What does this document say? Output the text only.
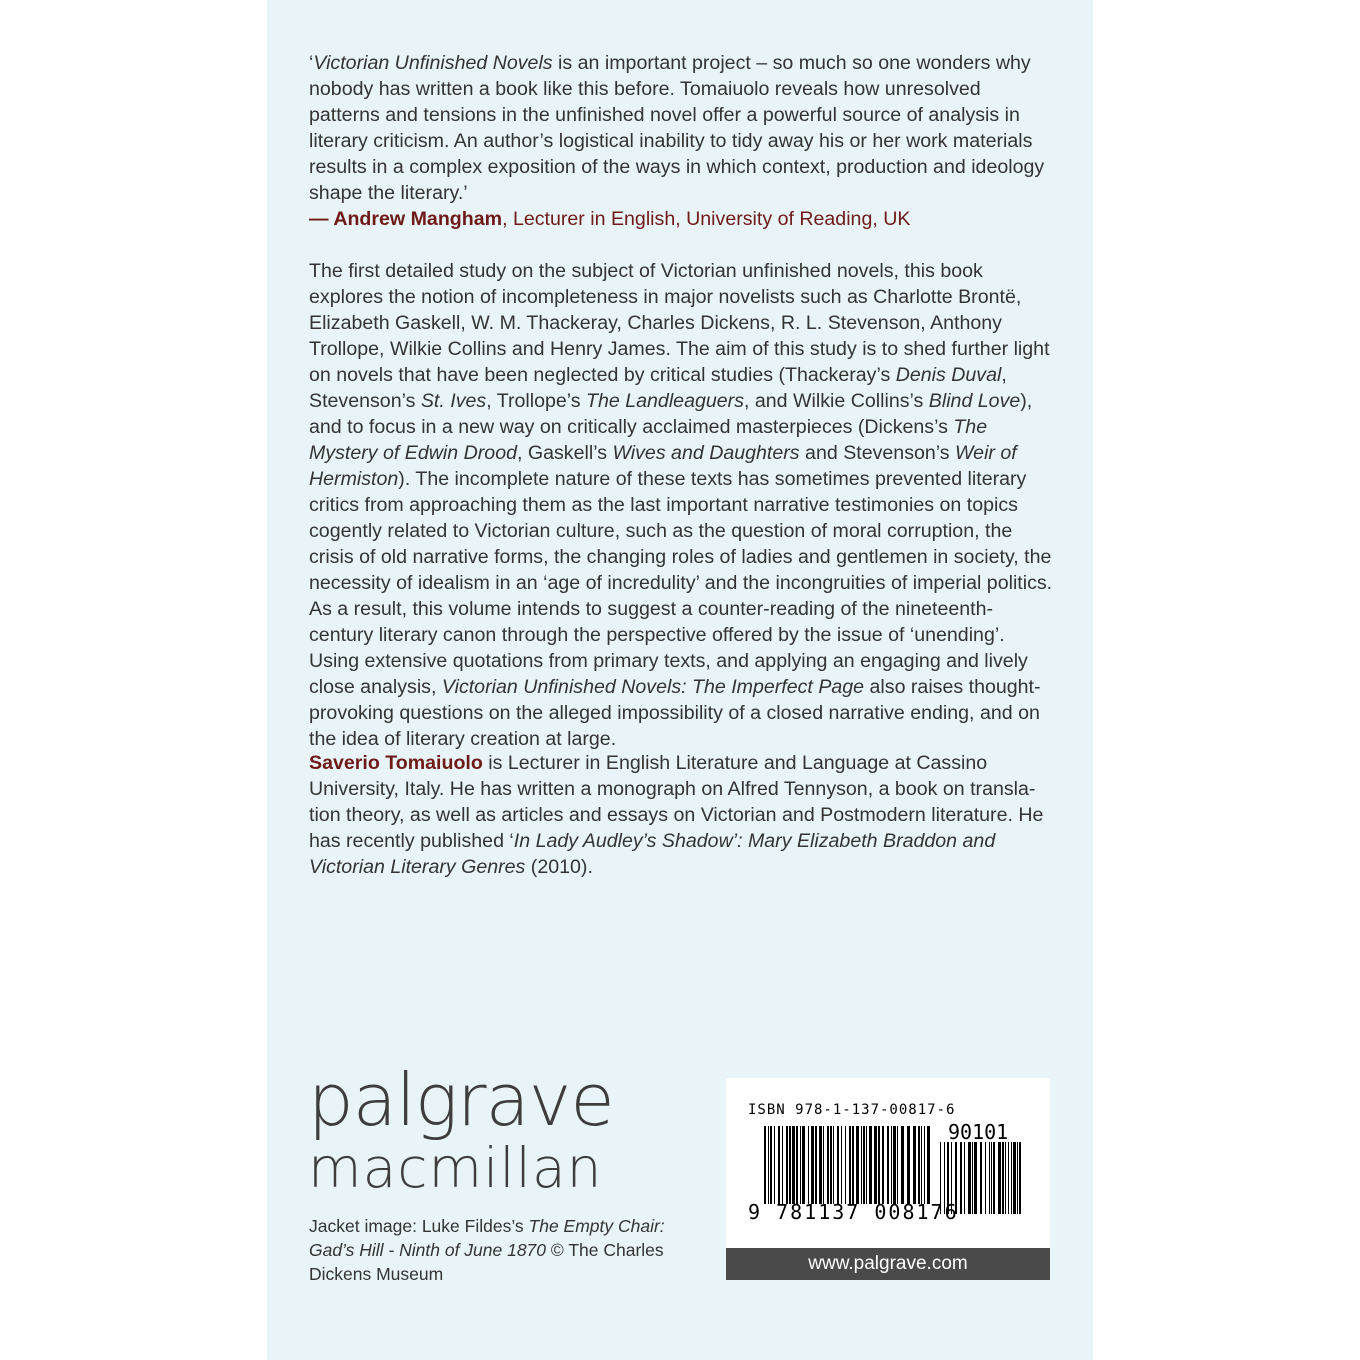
‘Victorian Unfinished Novels is an important project – so much so one wonders why nobody has written a book like this before. Tomaiuolo reveals how unresolved patterns and tensions in the unfinished novel offer a powerful source of analysis in literary criticism. An author’s logistical inability to tidy away his or her work materials results in a complex exposition of the ways in which context, production and ideology shape the literary.’

— Andrew Mangham, Lecturer in English, University of Reading, UK

The first detailed study on the subject of Victorian unfinished novels, this book explores the notion of incompleteness in major novelists such as Charlotte Brontë, Elizabeth Gaskell, W. M. Thackeray, Charles Dickens, R. L. Stevenson, Anthony Trollope, Wilkie Collins and Henry James. The aim of this study is to shed further light on novels that have been neglected by critical studies (Thackeray’s Denis Duval, Stevenson’s St. Ives, Trollope’s The Landleaguers, and Wilkie Collins’s Blind Love), and to focus in a new way on critically acclaimed masterpieces (Dickens’s The Mystery of Edwin Drood, Gaskell’s Wives and Daughters and Stevenson’s Weir of Hermiston). The incomplete nature of these texts has sometimes prevented literary critics from approaching them as the last important narrative testimonies on topics cogently related to Victorian culture, such as the question of moral corruption, the crisis of old narrative forms, the changing roles of ladies and gentlemen in society, the necessity of idealism in an ‘age of incredulity’ and the incongruities of imperial politics. As a result, this volume intends to suggest a counter-reading of the nineteenth-century literary canon through the perspective offered by the issue of ‘unending’. Using extensive quotations from primary texts, and applying an engaging and lively close analysis, Victorian Unfinished Novels: The Imperfect Page also raises thought-provoking questions on the alleged impossibility of a closed narrative ending, and on the idea of literary creation at large.

Saverio Tomaiuolo is Lecturer in English Literature and Language at Cassino University, Italy. He has written a monograph on Alfred Tennyson, a book on transla-tion theory, as well as articles and essays on Victorian and Postmodern literature. He has recently published ‘In Lady Audley’s Shadow’: Mary Elizabeth Braddon and Victorian Literary Genres (2010).

palgrave
macmillan
Jacket image: Luke Fildes’s The Empty Chair: Gad’s Hill - Ninth of June 1870 © The Charles Dickens Museum
ISBN 978-1-137-00817-6
90101
9 781137 008176
www.palgrave.com
